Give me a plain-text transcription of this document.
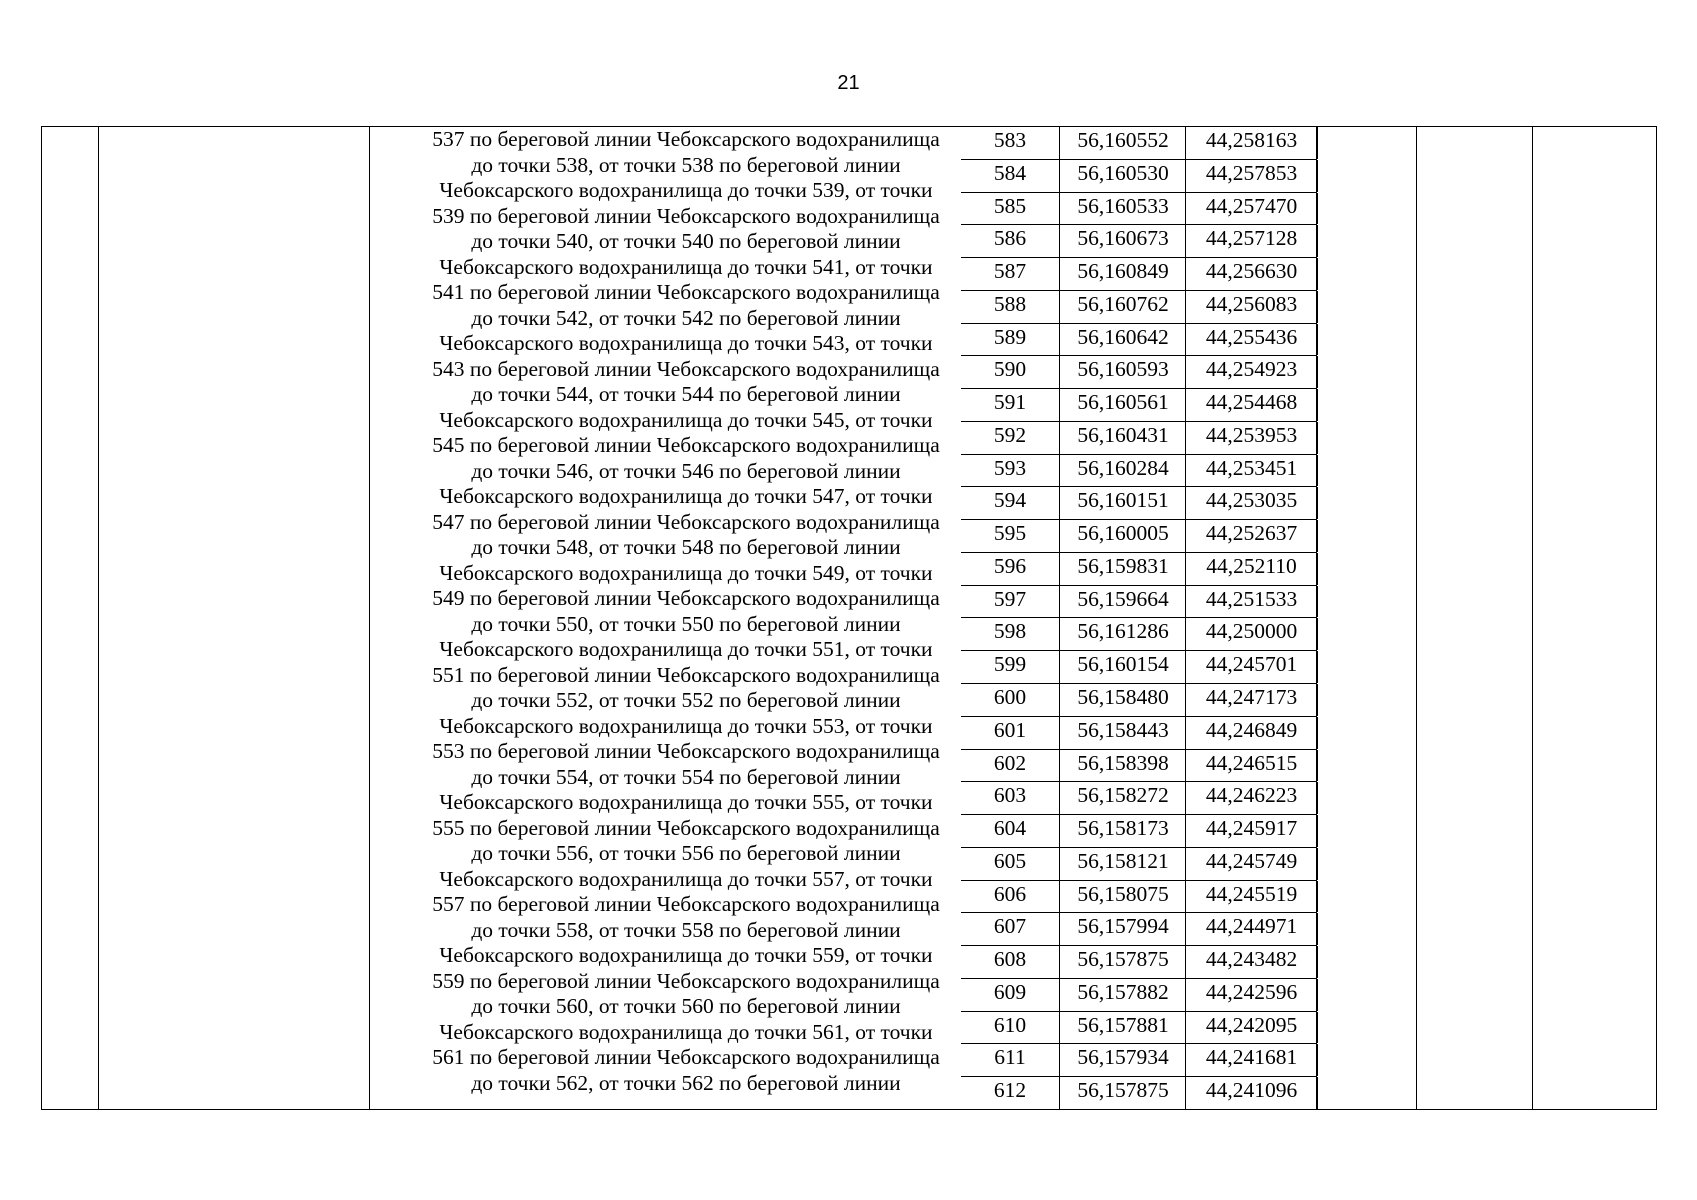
21
537 по береговой линии Чебоксарского водохранилища
до точки 538, от точки 538 по береговой линии
Чебоксарского водохранилища до точки 539, от точки
539 по береговой линии Чебоксарского водохранилища
до точки 540, от точки 540 по береговой линии
Чебоксарского водохранилища до точки 541, от точки
541 по береговой линии Чебоксарского водохранилища
до точки 542, от точки 542 по береговой линии
Чебоксарского водохранилища до точки 543, от точки
543 по береговой линии Чебоксарского водохранилища
до точки 544, от точки 544 по береговой линии
Чебоксарского водохранилища до точки 545, от точки
545 по береговой линии Чебоксарского водохранилища
до точки 546, от точки 546 по береговой линии
Чебоксарского водохранилища до точки 547, от точки
547 по береговой линии Чебоксарского водохранилища
до точки 548, от точки 548 по береговой линии
Чебоксарского водохранилища до точки 549, от точки
549 по береговой линии Чебоксарского водохранилища
до точки 550, от точки 550 по береговой линии
Чебоксарского водохранилища до точки 551, от точки
551 по береговой линии Чебоксарского водохранилища
до точки 552, от точки 552 по береговой линии
Чебоксарского водохранилища до точки 553, от точки
553 по береговой линии Чебоксарского водохранилища
до точки 554, от точки 554 по береговой линии
Чебоксарского водохранилища до точки 555, от точки
555 по береговой линии Чебоксарского водохранилища
до точки 556, от точки 556 по береговой линии
Чебоксарского водохранилища до точки 557, от точки
557 по береговой линии Чебоксарского водохранилища
до точки 558, от точки 558 по береговой линии
Чебоксарского водохранилища до точки 559, от точки
559 по береговой линии Чебоксарского водохранилища
до точки 560, от точки 560 по береговой линии
Чебоксарского водохранилища до точки 561, от точки
561 по береговой линии Чебоксарского водохранилища
до точки 562, от точки 562 по береговой линии
583	56,160552	44,258163
584	56,160530	44,257853
585	56,160533	44,257470
586	56,160673	44,257128
587	56,160849	44,256630
588	56,160762	44,256083
589	56,160642	44,255436
590	56,160593	44,254923
591	56,160561	44,254468
592	56,160431	44,253953
593	56,160284	44,253451
594	56,160151	44,253035
595	56,160005	44,252637
596	56,159831	44,252110
597	56,159664	44,251533
598	56,161286	44,250000
599	56,160154	44,245701
600	56,158480	44,247173
601	56,158443	44,246849
602	56,158398	44,246515
603	56,158272	44,246223
604	56,158173	44,245917
605	56,158121	44,245749
606	56,158075	44,245519
607	56,157994	44,244971
608	56,157875	44,243482
609	56,157882	44,242596
610	56,157881	44,242095
611	56,157934	44,241681
612	56,157875	44,241096
